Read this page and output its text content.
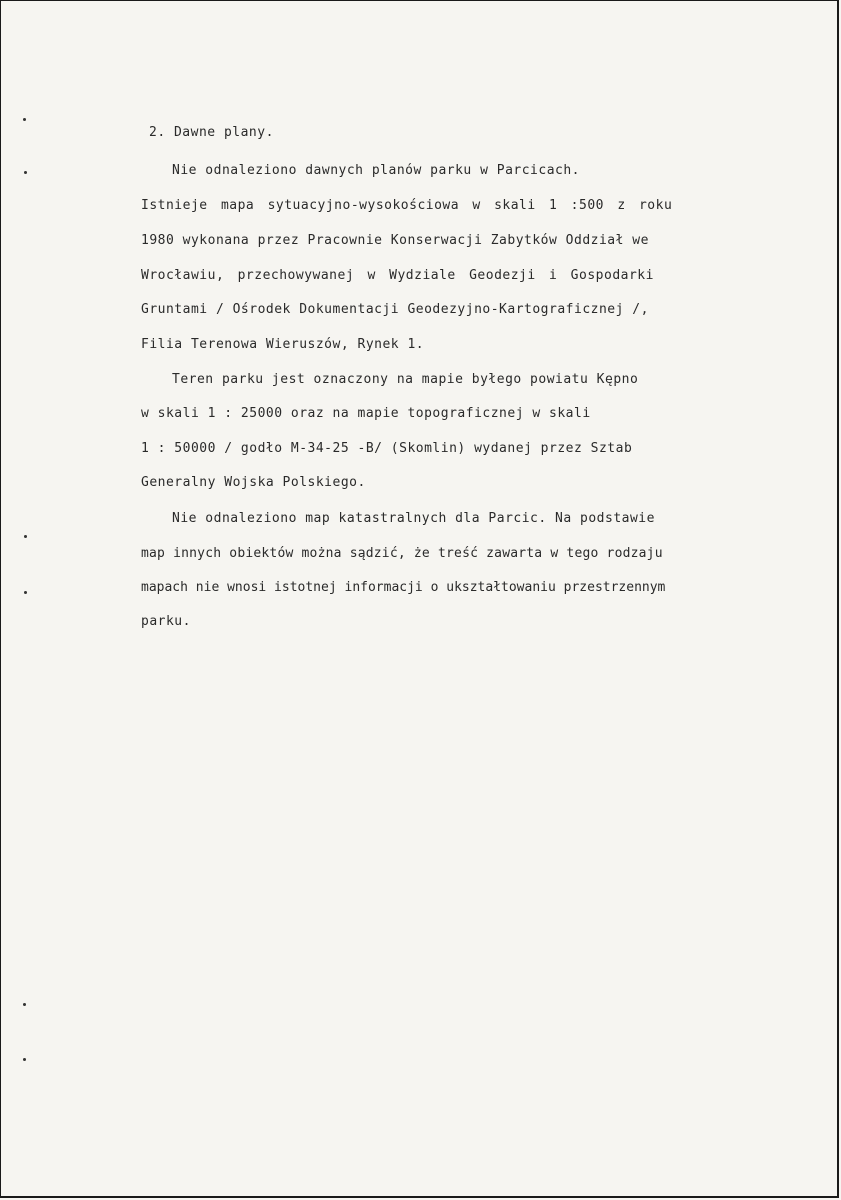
2. Dawne plany.
Nie odnaleziono dawnych planów parku w Parcicach.
Istnieje mapa sytuacyjno-wysokościowa w skali 1 :500 z roku
1980 wykonana przez Pracownie Konserwacji Zabytków Oddział we
Wrocławiu, przechowywanej w Wydziale Geodezji i Gospodarki
Gruntami / Ośrodek Dokumentacji Geodezyjno-Kartograficznej /,
Filia Terenowa Wieruszów, Rynek 1.
Teren parku jest oznaczony na mapie byłego powiatu Kępno
w skali 1 : 25000 oraz na mapie topograficznej w skali
1 : 50000 / godło M-34-25 -B/ (Skomlin) wydanej przez Sztab
Generalny Wojska Polskiego.
Nie odnaleziono map katastralnych dla Parcic. Na podstawie
map innych obiektów można sądzić, że treść zawarta w tego rodzaju
mapach nie wnosi istotnej informacji o ukształtowaniu przestrzennym
parku.
